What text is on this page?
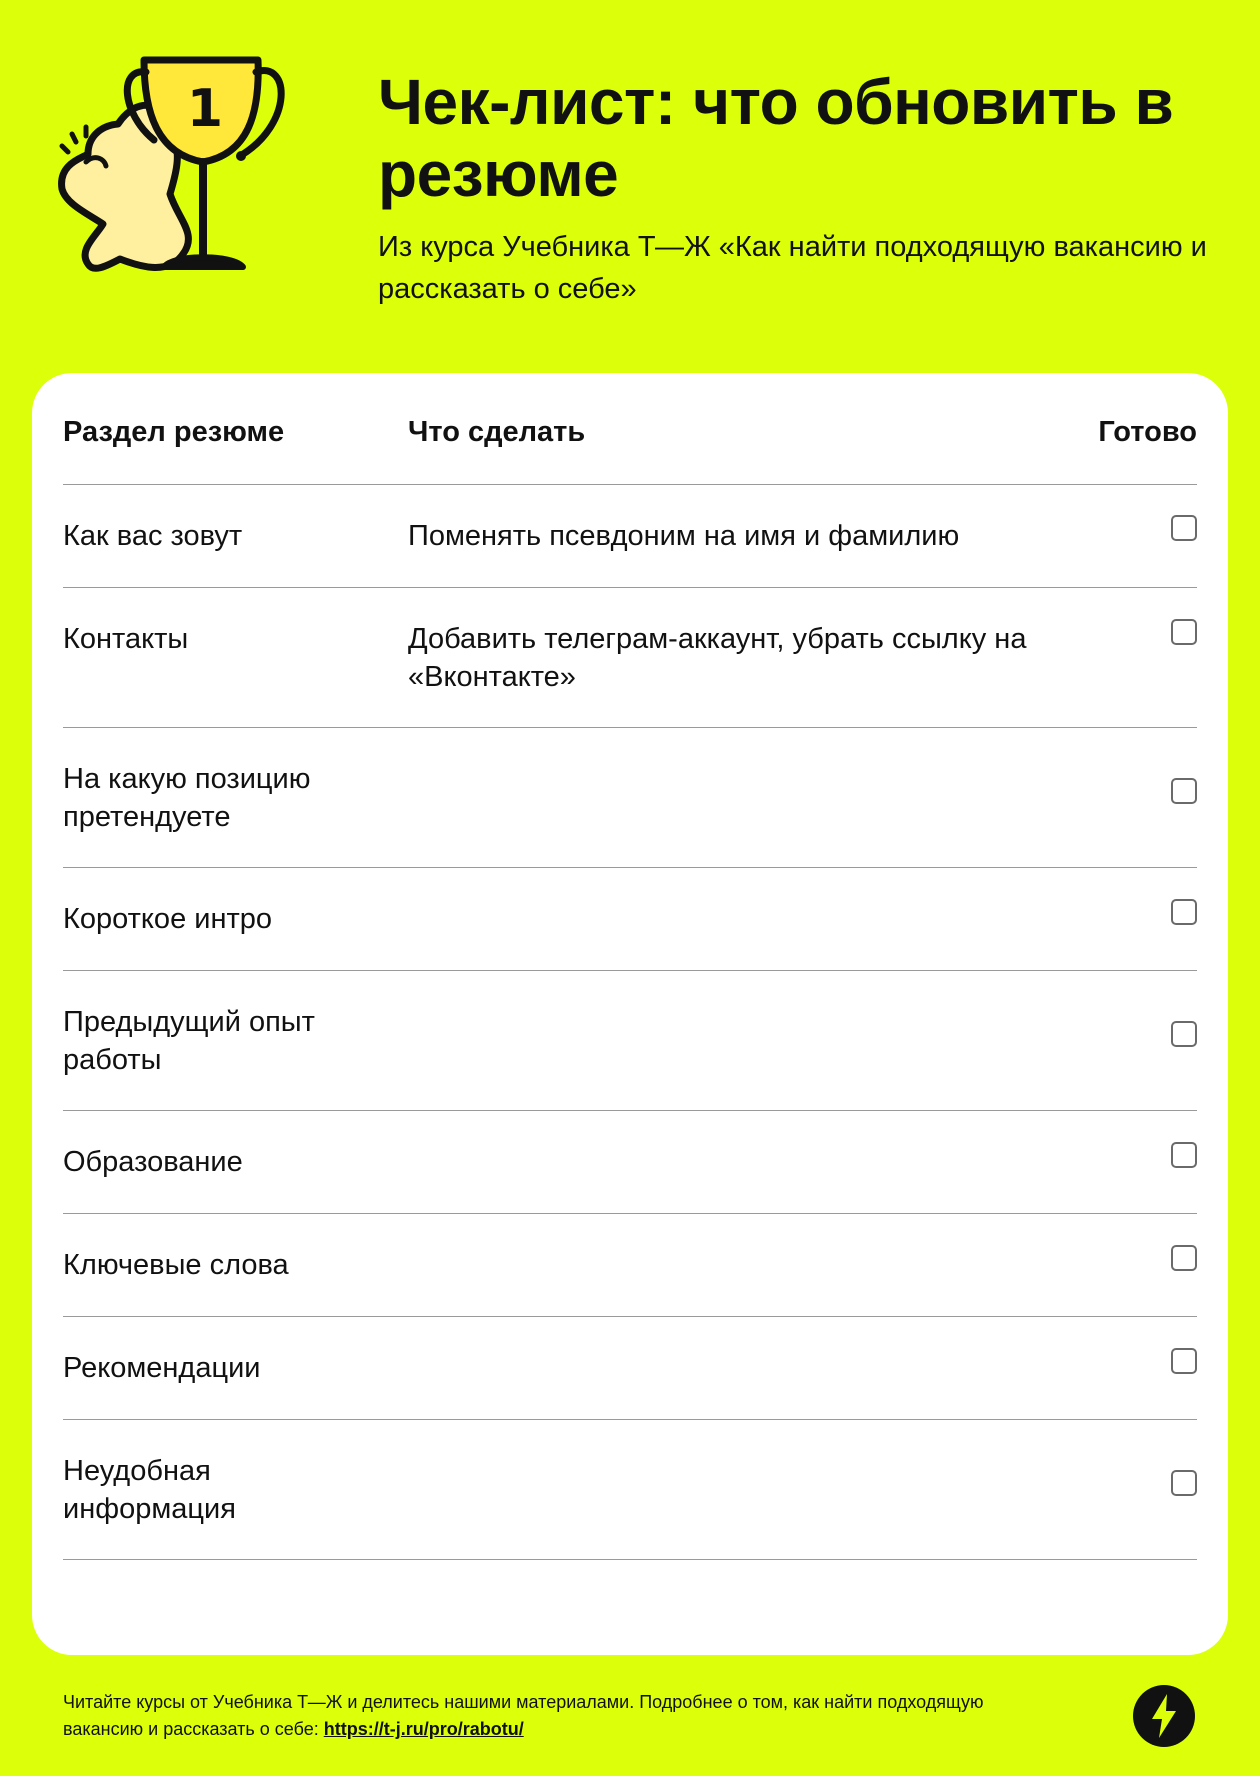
1 Чек-лист: что обновить в резюме

Из курса Учебника Т—Ж «Как найти подходящую вакансию и рассказать о себе»

Раздел резюме	Что сделать	Готово
Как вас зовут	Поменять псевдоним на имя и фамилию
Контакты	Добавить телеграм-аккаунт, убрать ссылку на «Вконтакте»
На какую позицию претендуете
Короткое интро
Предыдущий опыт работы
Образование
Ключевые слова
Рекомендации
Неудобная информация

Читайте курсы от Учебника Т—Ж и делитесь нашими материалами. Подробнее о том, как найти подходящую вакансию и рассказать о себе: https://t-j.ru/pro/rabotu/
